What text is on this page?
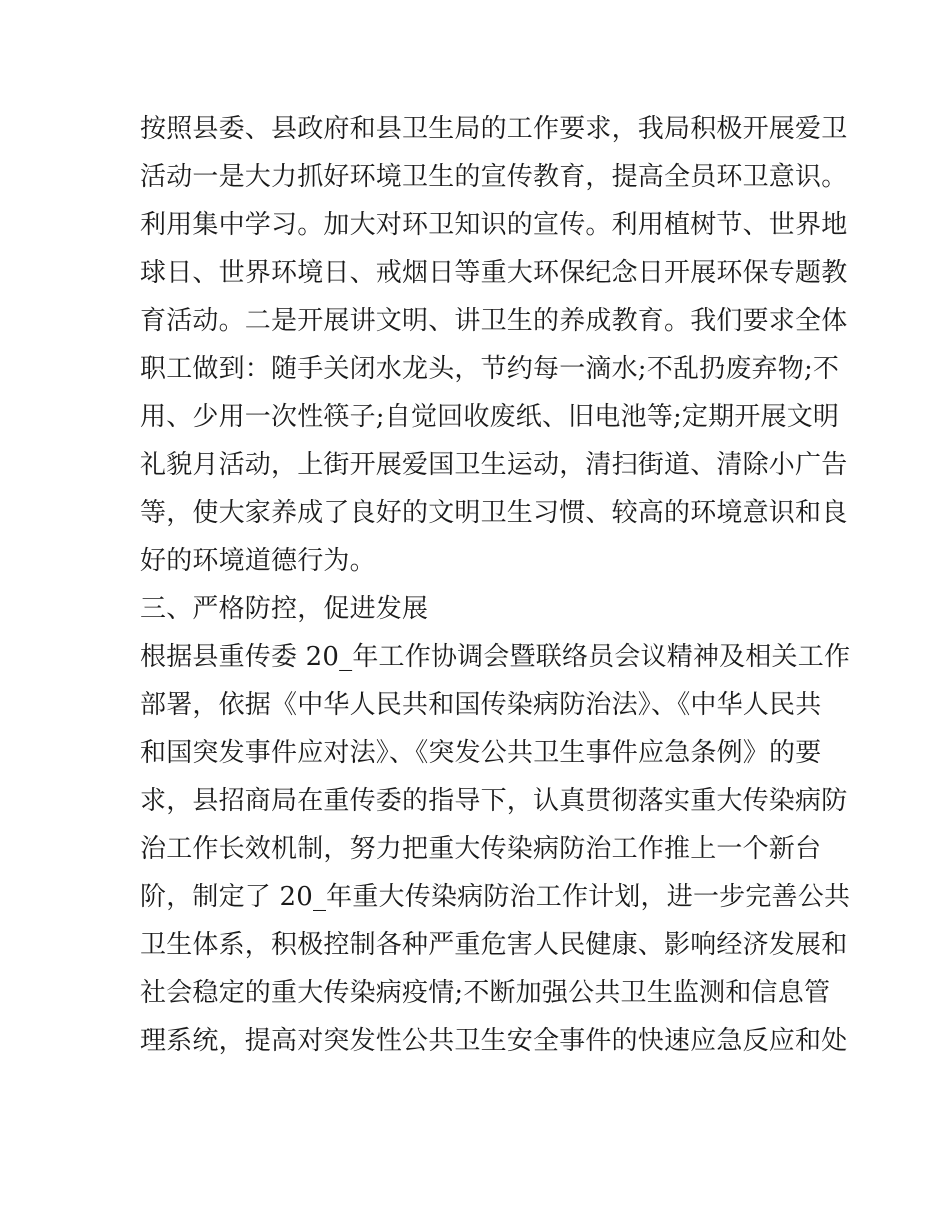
按照县委、县政府和县卫生局的工作要求，我局积极开展爱卫
活动一是大力抓好环境卫生的宣传教育，提高全员环卫意识。
利用集中学习。加大对环卫知识的宣传。利用植树节、世界地
球日、世界环境日、戒烟日等重大环保纪念日开展环保专题教
育活动。二是开展讲文明、讲卫生的养成教育。我们要求全体
职工做到：随手关闭水龙头，节约每一滴水;不乱扔废弃物;不
用、少用一次性筷子;自觉回收废纸、旧电池等;定期开展文明
礼貌月活动，上街开展爱国卫生运动，清扫街道、清除小广告
等，使大家养成了良好的文明卫生习惯、较高的环境意识和良
好的环境道德行为。
三、严格防控，促进发展
根据县重传委 20_年工作协调会暨联络员会议精神及相关工作
部署，依据《中华人民共和国传染病防治法》、《中华人民共
和国突发事件应对法》、《突发公共卫生事件应急条例》的要
求，县招商局在重传委的指导下，认真贯彻落实重大传染病防
治工作长效机制，努力把重大传染病防治工作推上一个新台
阶，制定了 20_年重大传染病防治工作计划，进一步完善公共
卫生体系，积极控制各种严重危害人民健康、影响经济发展和
社会稳定的重大传染病疫情;不断加强公共卫生监测和信息管
理系统，提高对突发性公共卫生安全事件的快速应急反应和处
